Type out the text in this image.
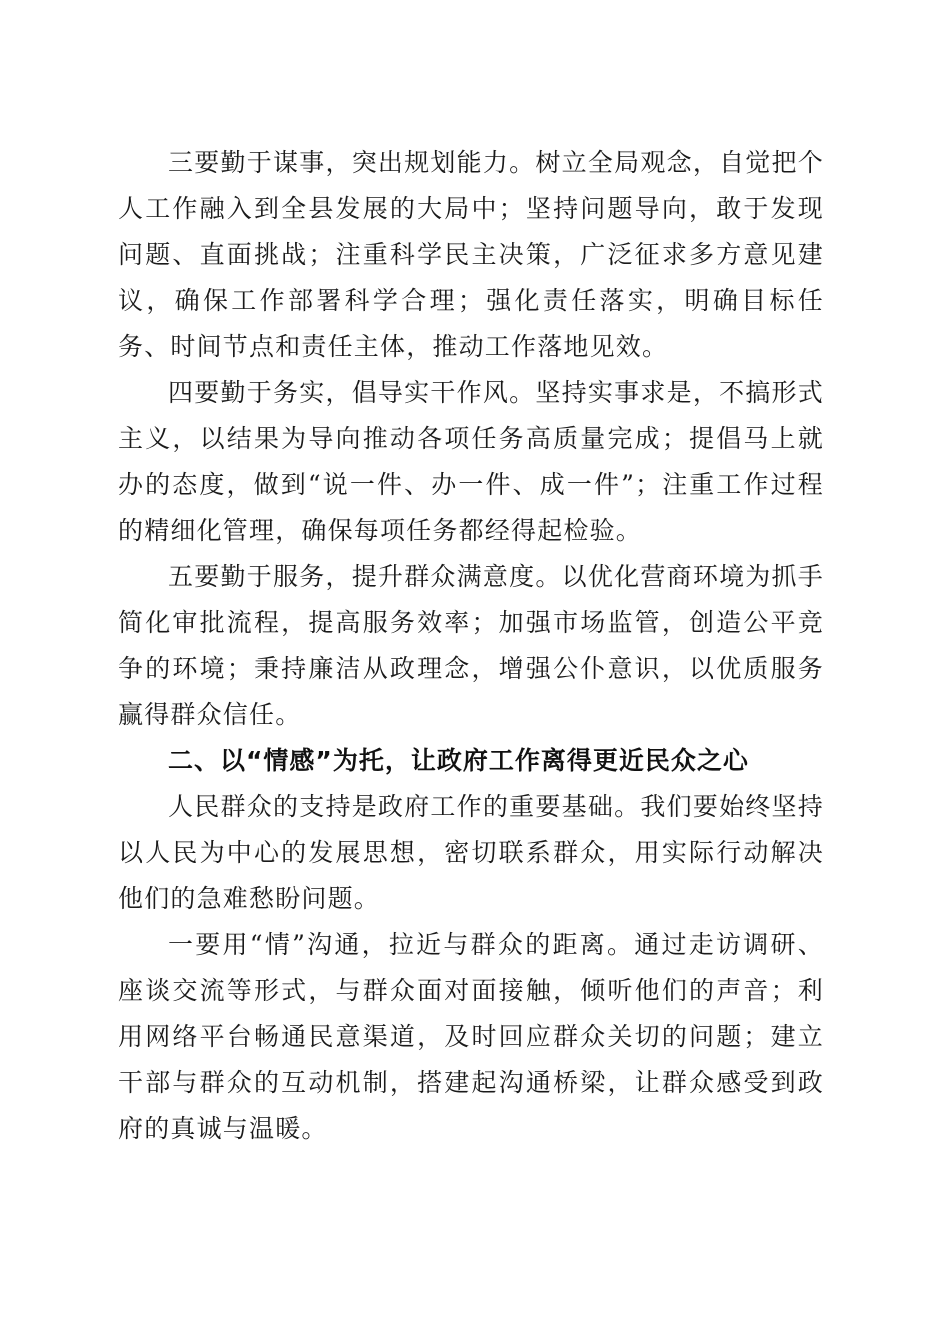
三要勤于谋事，突出规划能力。树立全局观念，自觉把个人工作融入到全县发展的大局中；坚持问题导向，敢于发现问题、直面挑战；注重科学民主决策，广泛征求多方意见建议，确保工作部署科学合理；强化责任落实，明确目标任务、时间节点和责任主体，推动工作落地见效。

四要勤于务实，倡导实干作风。坚持实事求是，不搞形式主义，以结果为导向推动各项任务高质量完成；提倡马上就办的态度，做到“说一件、办一件、成一件”；注重工作过程的精细化管理，确保每项任务都经得起检验。

五要勤于服务，提升群众满意度。以优化营商环境为抓手简化审批流程，提高服务效率；加强市场监管，创造公平竞争的环境；秉持廉洁从政理念，增强公仆意识，以优质服务赢得群众信任。

二、以“情感”为托，让政府工作离得更近民众之心

人民群众的支持是政府工作的重要基础。我们要始终坚持以人民为中心的发展思想，密切联系群众，用实际行动解决他们的急难愁盼问题。

一要用“情”沟通，拉近与群众的距离。通过走访调研、座谈交流等形式，与群众面对面接触，倾听他们的声音；利用网络平台畅通民意渠道，及时回应群众关切的问题；建立干部与群众的互动机制，搭建起沟通桥梁，让群众感受到政府的真诚与温暖。
